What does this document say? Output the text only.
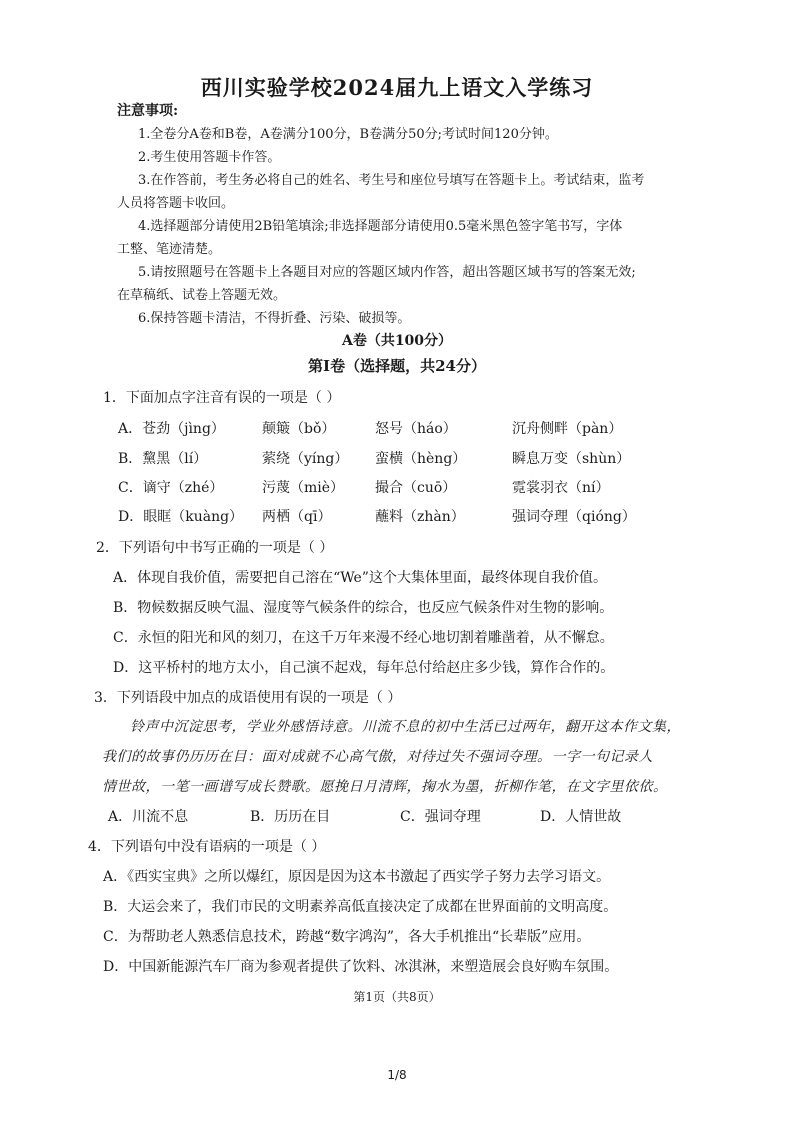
西川实验学校2024届九上语文入学练习
注意事项:
1.全卷分A卷和B卷，A卷满分100分，B卷满分50分;考试时间120分钟。
2.考生使用答题卡作答。
3.在作答前，考生务必将自己的姓名、考生号和座位号填写在答题卡上。考试结束，监考
人员将答题卡收回。
4.选择题部分请使用2B铅笔填涂;非选择题部分请使用0.5毫米黑色签字笔书写，字体
工整、笔迹清楚。
5.请按照题号在答题卡上各题目对应的答题区域内作答，超出答题区域书写的答案无效;
在草稿纸、试卷上答题无效。
6.保持答题卡清洁，不得折叠、污染、破损等。
A卷（共100分）
第Ⅰ卷（选择题，共24分）
1．下面加点字注音有误的一项是（ ）
A．苍劲（jìng）	颠簸（bǒ）	怒号（háo）	沉舟侧畔（pàn）
B．黧黑（lí）	萦绕（yíng） 蛮横（hèng）	瞬息万变（shùn）
C．谪守（zhé）	污蔑（miè） 撮合（cuō）	霓裳羽衣（ní）
D．眼眶（kuàng） 两栖（qī）	蘸料（zhàn）	强词夺理（qióng）
2．下列语句中书写正确的一项是（ ）
A．体现自我价值，需要把自己溶在“We”这个大集体里面，最终体现自我价值。
B．物候数据反映气温、湿度等气候条件的综合，也反应气候条件对生物的影响。
C．永恒的阳光和风的刻刀，在这千万年来漫不经心地切割着雕凿着，从不懈怠。
D．这平桥村的地方太小，自己演不起戏，每年总付给赵庄多少钱，算作合作的。
3．下列语段中加点的成语使用有误的一项是（ ）
铃声中沉淀思考，学业外感悟诗意。川流不息的初中生活已过两年，翻开这本作文集，
我们的故事仍历历在目：面对成就不心高气傲，对待过失不强词夺理。一字一句记录人
情世故，一笔一画谱写成长赞歌。愿挽日月清辉，掬水为墨，折柳作笔，在文字里依依。
A．川流不息	B．历历在目	C．强词夺理	D．人情世故
4．下列语句中没有语病的一项是（ ）
A．《西实宝典》之所以爆红，原因是因为这本书激起了西实学子努力去学习语文。
B．大运会来了，我们市民的文明素养高低直接决定了成都在世界面前的文明高度。
C．为帮助老人熟悉信息技术，跨越“数字鸿沟”，各大手机推出“长辈版”应用。
D．中国新能源汽车厂商为参观者提供了饮料、冰淇淋，来塑造展会良好购车氛围。
第1页（共8页）
1/8
